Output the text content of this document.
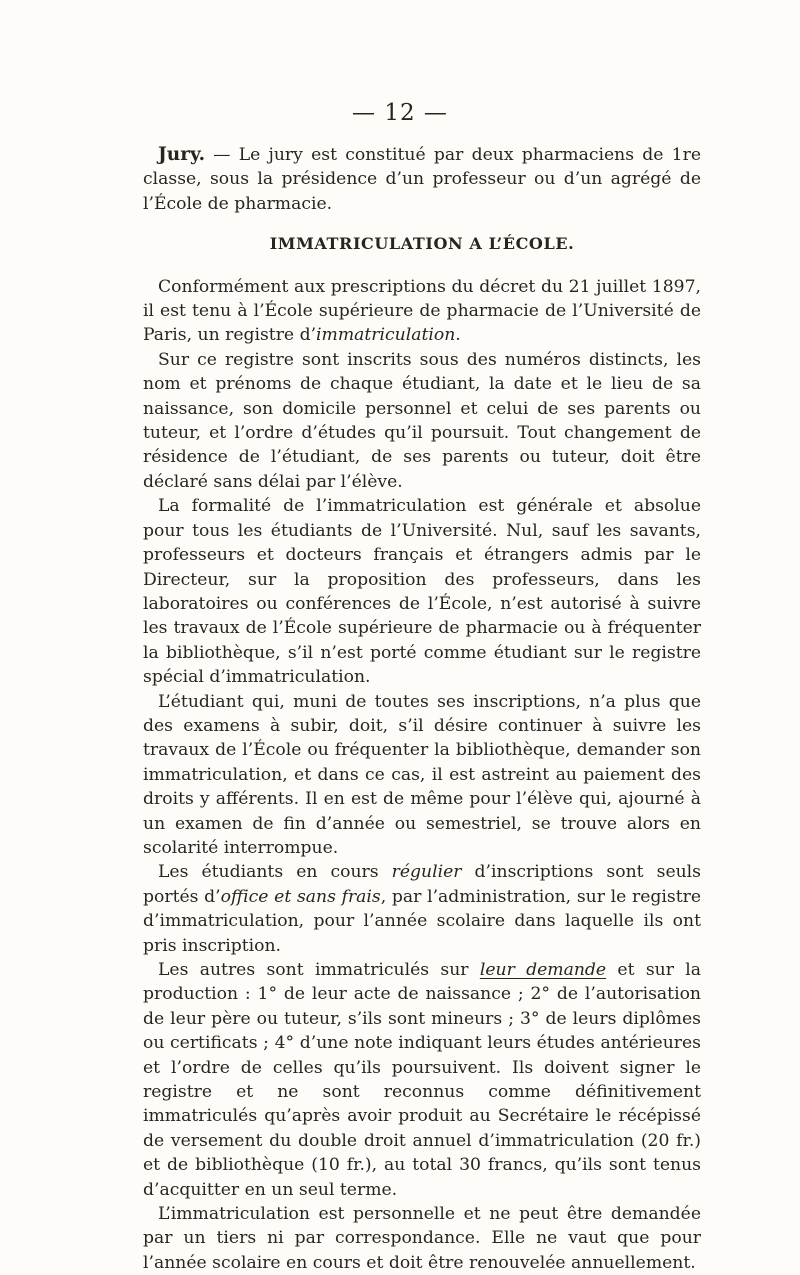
— 12 —

Jury. — Le jury est constitué par deux pharmaciens de 1re classe, sous la présidence d’un professeur ou d’un agrégé de l’École de pharmacie.

IMMATRICULATION A L’ÉCOLE.

Conformément aux prescriptions du décret du 21 juillet 1897, il est tenu à l’École supérieure de pharmacie de l’Université de Paris, un registre d’immatriculation.

Sur ce registre sont inscrits sous des numéros distincts, les nom et prénoms de chaque étudiant, la date et le lieu de sa naissance, son domicile personnel et celui de ses parents ou tuteur, et l’ordre d’études qu’il poursuit. Tout changement de résidence de l’étudiant, de ses parents ou tuteur, doit être déclaré sans délai par l’élève.

La formalité de l’immatriculation est générale et absolue pour tous les étudiants de l’Université. Nul, sauf les savants, professeurs et docteurs français et étrangers admis par le Directeur, sur la proposition des professeurs, dans les laboratoires ou conférences de l’École, n’est autorisé à suivre les travaux de l’École supérieure de pharmacie ou à fréquenter la bibliothèque, s’il n’est porté comme étudiant sur le registre spécial d’immatriculation.

L’étudiant qui, muni de toutes ses inscriptions, n’a plus que des examens à subir, doit, s’il désire continuer à suivre les travaux de l’École ou fréquenter la bibliothèque, demander son immatriculation, et dans ce cas, il est astreint au paiement des droits y afférents. Il en est de même pour l’élève qui, ajourné à un examen de fin d’année ou semestriel, se trouve alors en scolarité interrompue.

Les étudiants en cours régulier d’inscriptions sont seuls portés d’office et sans frais, par l’administration, sur le registre d’immatriculation, pour l’année scolaire dans laquelle ils ont pris inscription.

Les autres sont immatriculés sur leur demande et sur la production : 1° de leur acte de naissance ; 2° de l’autorisation de leur père ou tuteur, s’ils sont mineurs ; 3° de leurs diplômes ou certificats ; 4° d’une note indiquant leurs études antérieures et l’ordre de celles qu’ils poursuivent. Ils doivent signer le registre et ne sont reconnus comme définitivement immatriculés qu’après avoir produit au Secrétaire le récépissé de versement du double droit annuel d’immatriculation (20 fr.) et de bibliothèque (10 fr.), au total 30 francs, qu’ils sont tenus d’acquitter en un seul terme.

L’immatriculation est personnelle et ne peut être demandée par un tiers ni par correspondance. Elle ne vaut que pour l’année scolaire en cours et doit être renouvelée annuellement.
